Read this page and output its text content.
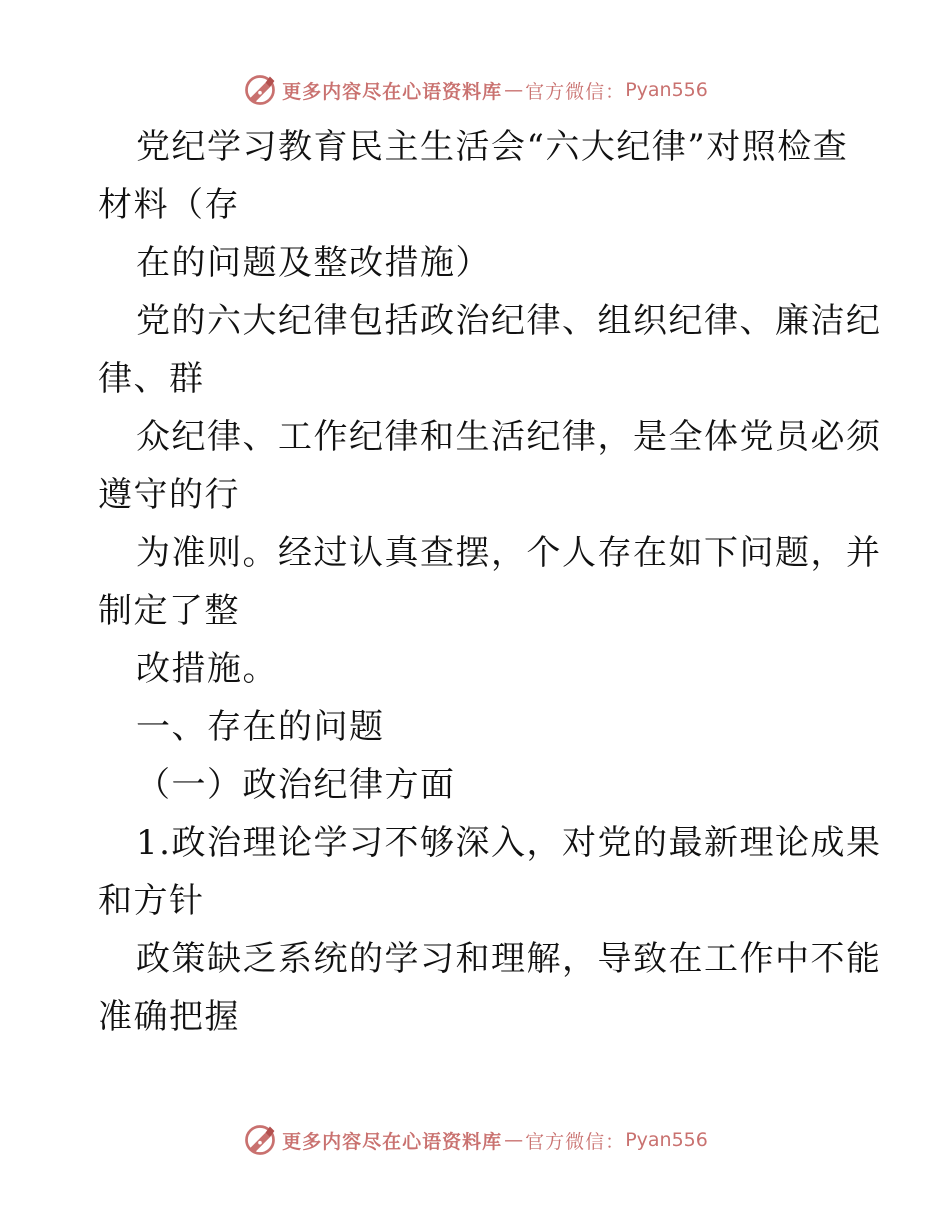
更多内容尽在心语资料库 — 官方微信： Pyan556
党纪学习教育民主生活会“六大纪律”对照检查
材料（存
在的问题及整改措施）
党的六大纪律包括政治纪律、组织纪律、廉洁纪
律、群
众纪律、工作纪律和生活纪律，是全体党员必须
遵守的行
为准则。经过认真查摆，个人存在如下问题，并
制定了整
改措施。
一、存在的问题
（一）政治纪律方面
1.政治理论学习不够深入，对党的最新理论成果
和方针
政策缺乏系统的学习和理解，导致在工作中不能
准确把握
更多内容尽在心语资料库 — 官方微信： Pyan556
